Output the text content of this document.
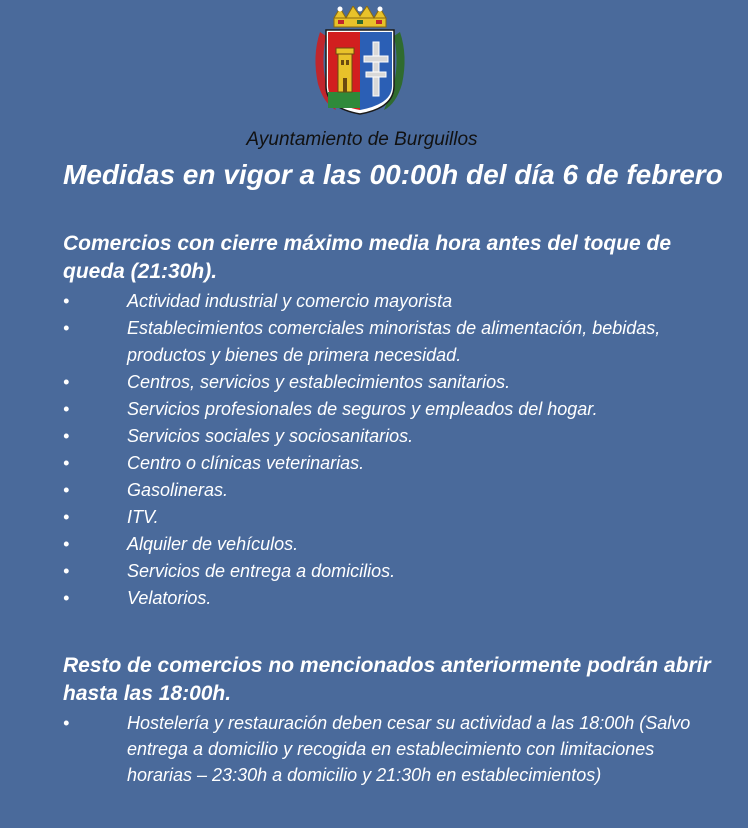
Ayuntamiento de Burguillos
Medidas en vigor a las 00:00h del día 6 de febrero
Comercios con cierre máximo media hora antes del toque de queda (21:30h).
•	Actividad industrial y comercio mayorista
•	Establecimientos comerciales minoristas de alimentación, bebidas, productos y bienes de primera necesidad.
•	Centros, servicios y establecimientos sanitarios.
•	Servicios profesionales de seguros y empleados del hogar.
•	Servicios sociales y sociosanitarios.
•	Centro o clínicas veterinarias.
•	Gasolineras.
•	ITV.
•	Alquiler de vehículos.
•	Servicios de entrega a domicilios.
•	Velatorios.
Resto de comercios no mencionados anteriormente podrán abrir hasta las 18:00h.
•	Hostelería y restauración deben cesar su actividad a las 18:00h (Salvo entrega a domicilio y recogida en establecimiento con limitaciones horarias – 23:30h a domicilio y 21:30h en establecimientos)
